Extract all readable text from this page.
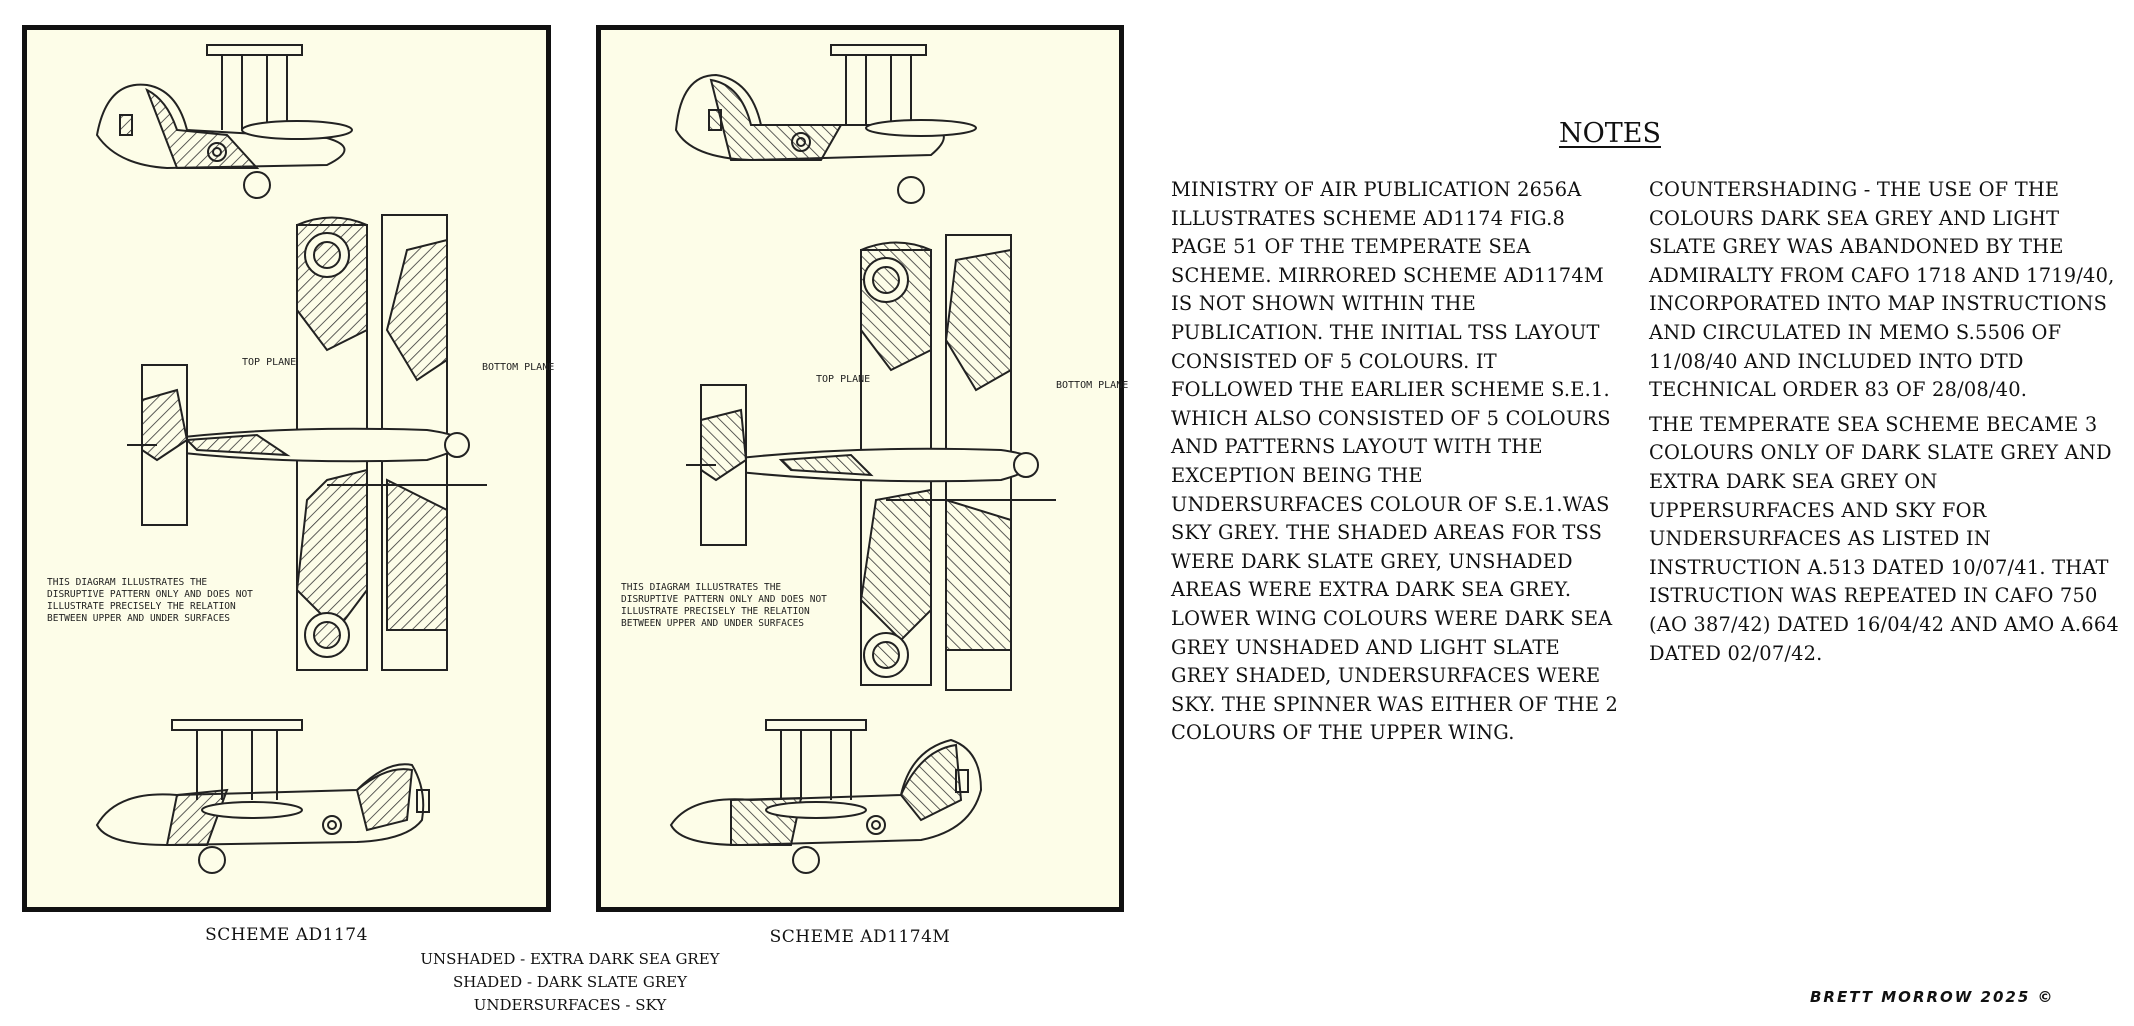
TOP PLANE	BOTTOM PLANE
THIS DIAGRAM ILLUSTRATES THE
DISRUPTIVE PATTERN ONLY AND DOES NOT
ILLUSTRATE PRECISELY THE RELATION
BETWEEN UPPER AND UNDER SURFACES
TOP PLANE
BOTTOM PLANE
THIS DIAGRAM ILLUSTRATES THE
DISRUPTIVE PATTERN ONLY AND DOES NOT
ILLUSTRATE PRECISELY THE RELATION
BETWEEN UPPER AND UNDER SURFACES
SCHEME AD1174	SCHEME AD1174M
UNSHADED - EXTRA DARK SEA GREY
SHADED - DARK SLATE GREY
UNDERSURFACES - SKY
NOTES

MINISTRY OF AIR PUBLICATION 2656A ILLUSTRATES SCHEME AD1174 FIG.8 PAGE 51 OF THE TEMPERATE SEA SCHEME. MIRRORED SCHEME AD1174M IS NOT SHOWN WITHIN THE PUBLICATION. THE INITIAL TSS LAYOUT CONSISTED OF 5 COLOURS. IT FOLLOWED THE EARLIER SCHEME S.E.1. WHICH ALSO CONSISTED OF 5 COLOURS AND PATTERNS LAYOUT WITH THE EXCEPTION BEING THE UNDERSURFACES COLOUR OF S.E.1.WAS SKY GREY. THE SHADED AREAS FOR TSS WERE DARK SLATE GREY, UNSHADED AREAS WERE EXTRA DARK SEA GREY. LOWER WING COLOURS WERE DARK SEA GREY UNSHADED AND LIGHT SLATE GREY SHADED, UNDERSURFACES WERE SKY. THE SPINNER WAS EITHER OF THE 2 COLOURS OF THE UPPER WING.

COUNTERSHADING - THE USE OF THE COLOURS DARK SEA GREY AND LIGHT SLATE GREY WAS ABANDONED BY THE ADMIRALTY FROM CAFO 1718 AND 1719/40, INCORPORATED INTO MAP INSTRUCTIONS AND CIRCULATED IN MEMO S.5506 OF 11/08/40 AND INCLUDED INTO DTD TECHNICAL ORDER 83 OF 28/08/40.

THE TEMPERATE SEA SCHEME BECAME 3 COLOURS ONLY OF DARK SLATE GREY AND EXTRA DARK SEA GREY ON UPPERSURFACES AND SKY FOR UNDERSURFACES AS LISTED IN INSTRUCTION A.513 DATED 10/07/41. THAT ISTRUCTION WAS REPEATED IN CAFO 750 (AO 387/42) DATED 16/04/42 AND AMO A.664 DATED 02/07/42.

BRETT MORROW 2025 ©
